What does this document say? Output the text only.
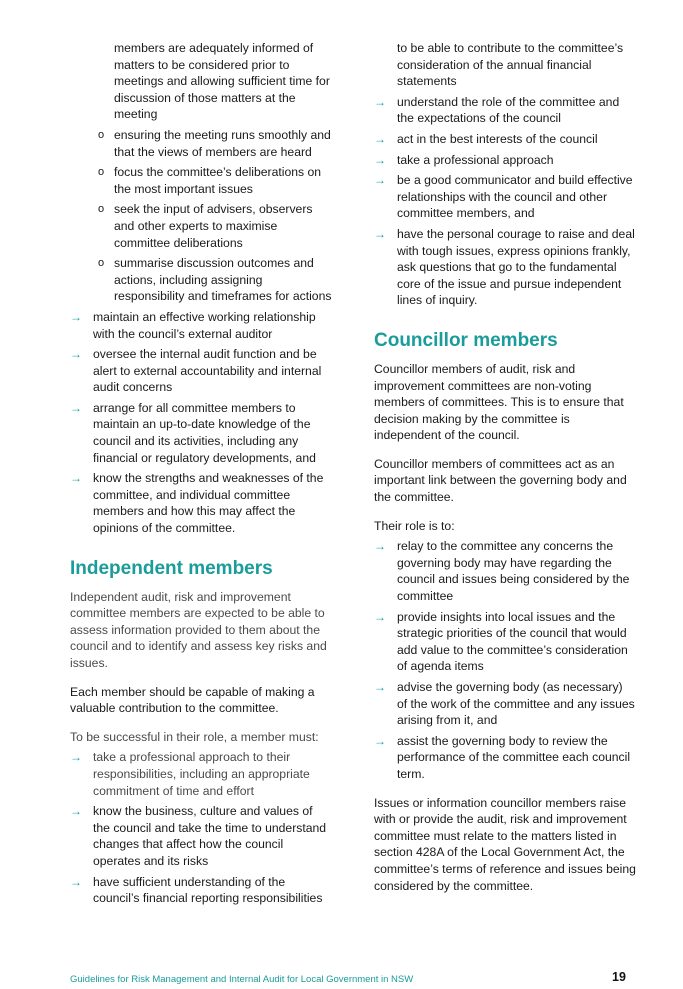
members are adequately informed of matters to be considered prior to meetings and allowing sufficient time for discussion of those matters at the meeting

o ensuring the meeting runs smoothly and that the views of members are heard
o focus the committee’s deliberations on the most important issues
o seek the input of advisers, observers and other experts to maximise committee deliberations
o summarise discussion outcomes and actions, including assigning responsibility and timeframes for actions
→ maintain an effective working relationship with the council’s external auditor
→ oversee the internal audit function and be alert to external accountability and internal audit concerns
→ arrange for all committee members to maintain an up-to-date knowledge of the council and its activities, including any financial or regulatory developments, and
→ know the strengths and weaknesses of the committee, and individual committee members and how this may affect the opinions of the committee.
Independent members

Independent audit, risk and improvement committee members are expected to be able to assess information provided to them about the council and to identify and assess key risks and issues.

Each member should be capable of making a valuable contribution to the committee.

To be successful in their role, a member must:

→ take a professional approach to their responsibilities, including an appropriate commitment of time and effort
→ know the business, culture and values of the council and take the time to understand changes that affect how the council operates and its risks
→ have sufficient understanding of the council’s financial reporting responsibilities

to be able to contribute to the committee’s consideration of the annual financial statements

→ understand the role of the committee and the expectations of the council
→ act in the best interests of the council
→ take a professional approach
→ be a good communicator and build effective relationships with the council and other committee members, and
→ have the personal courage to raise and deal with tough issues, express opinions frankly, ask questions that go to the fundamental core of the issue and pursue independent lines of inquiry.
Councillor members

Councillor members of audit, risk and improvement committees are non-voting members of committees. This is to ensure that decision making by the committee is independent of the council.

Councillor members of committees act as an important link between the governing body and the committee.

Their role is to:

→ relay to the committee any concerns the governing body may have regarding the council and issues being considered by the committee
→ provide insights into local issues and the strategic priorities of the council that would add value to the committee’s consideration of agenda items
→ advise the governing body (as necessary) of the work of the committee and any issues arising from it, and
→ assist the governing body to review the performance of the committee each council term.

Issues or information councillor members raise with or provide the audit, risk and improvement committee must relate to the matters listed in section 428A of the Local Government Act, the committee’s terms of reference and issues being considered by the committee.

Guidelines for Risk Management and Internal Audit for Local Government in NSW	19
